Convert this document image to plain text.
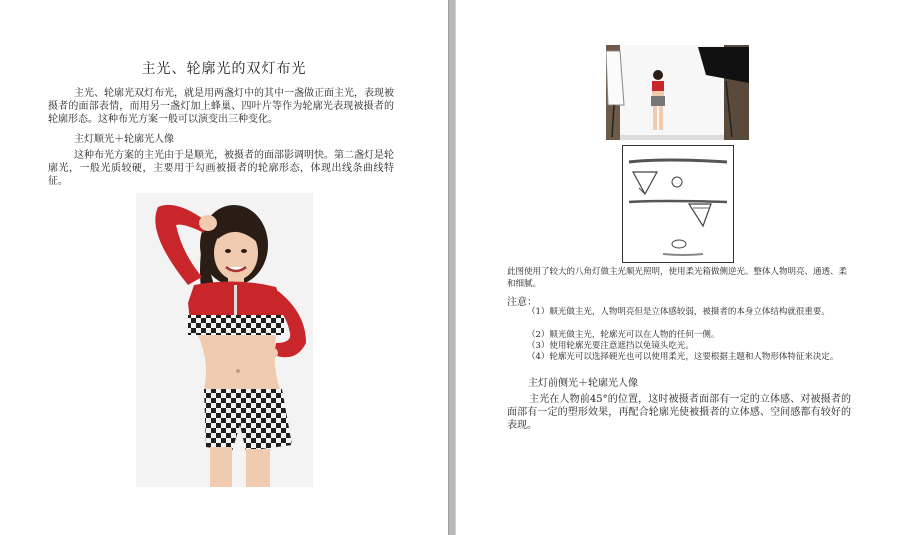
主光、轮廓光的双灯布光
主光、轮廓光双灯布光，就是用两盏灯中的其中一盏做正面主光，表现被摄者的面部表情，而用另一盏灯加上蜂巢、四叶片等作为轮廓光表现被摄者的轮廓形态。这种布光方案一般可以演变出三种变化。
主灯顺光＋轮廓光人像
这种布光方案的主光由于是顺光，被摄者的面部影调明快。第二盏灯是轮廓光，一般光质较硬，主要用于勾画被摄者的轮廓形态，体现出线条曲线特征。
此图使用了较大的八角灯做主光顺光照明，使用柔光箱做侧逆光。整体人物明亮、通透、柔和细腻。
注意：
（1）顺光做主光，人物明亮但是立体感较弱，被摄者的本身立体结构就很重要。
（2）顺光做主光，轮廓光可以在人物的任何一侧。
（3）使用轮廓光要注意遮挡以免镜头吃光。
（4）轮廓光可以选择硬光也可以使用柔光，这要根据主题和人物形体特征来决定。
主灯前侧光＋轮廓光人像
主光在人物前45°的位置，这时被摄者面部有一定的立体感、对被摄者的面部有一定的塑形效果，再配合轮廓光使被摄者的立体感、空间感都有较好的表现。
